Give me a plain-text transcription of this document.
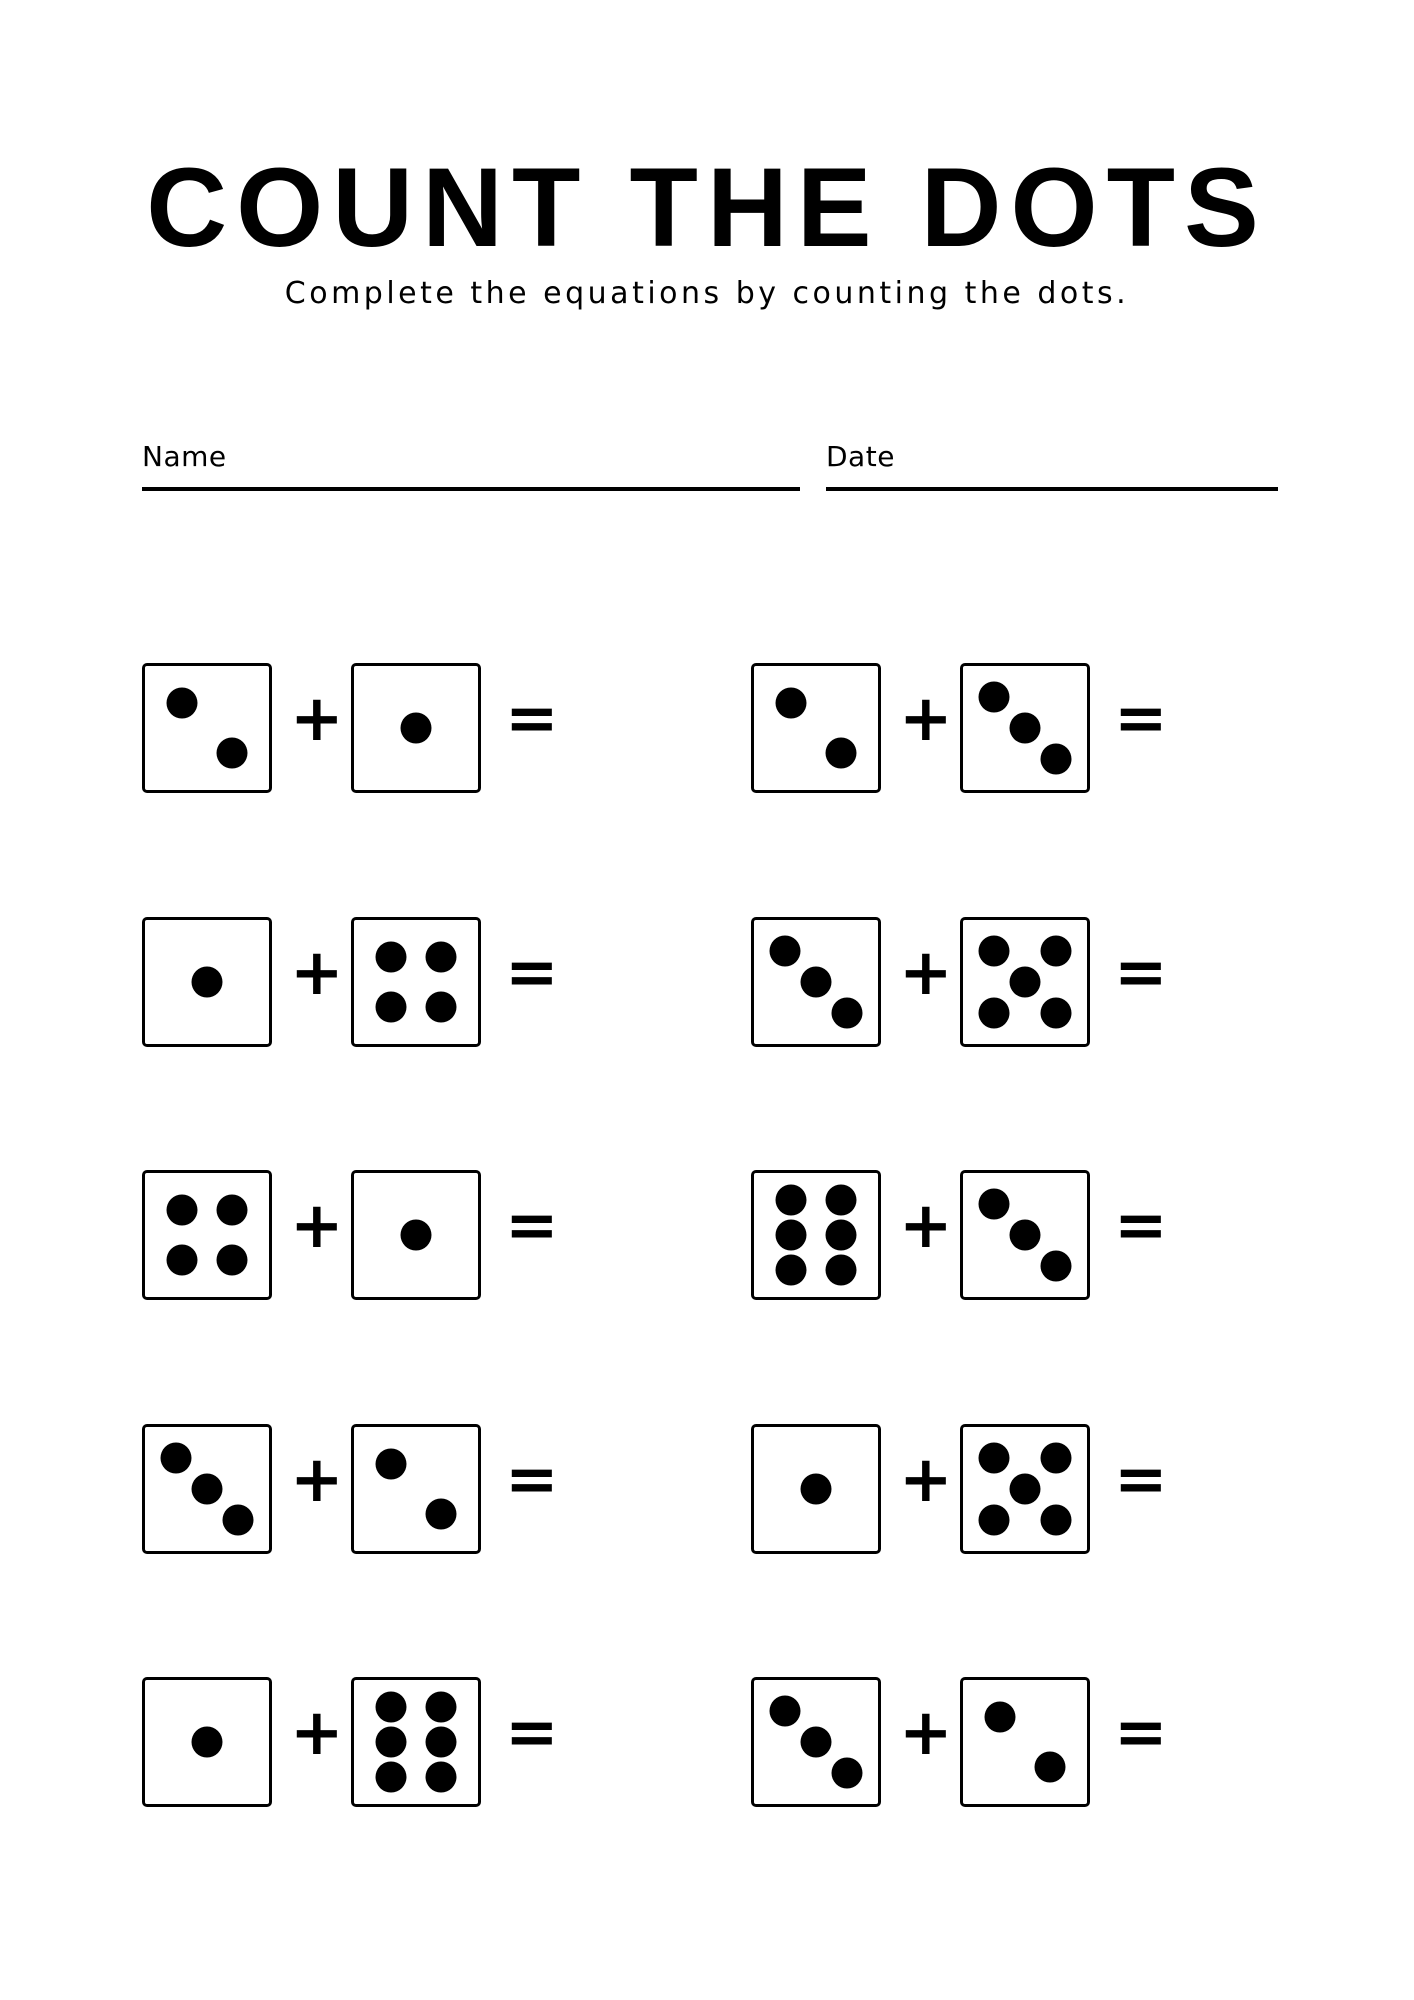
COUNT THE DOTS
Complete the equations by counting the dots.
Name	Date
+	=	+	=
+	=	+	=
+	=	+	=
+	=	+	=
+	=	+	=
